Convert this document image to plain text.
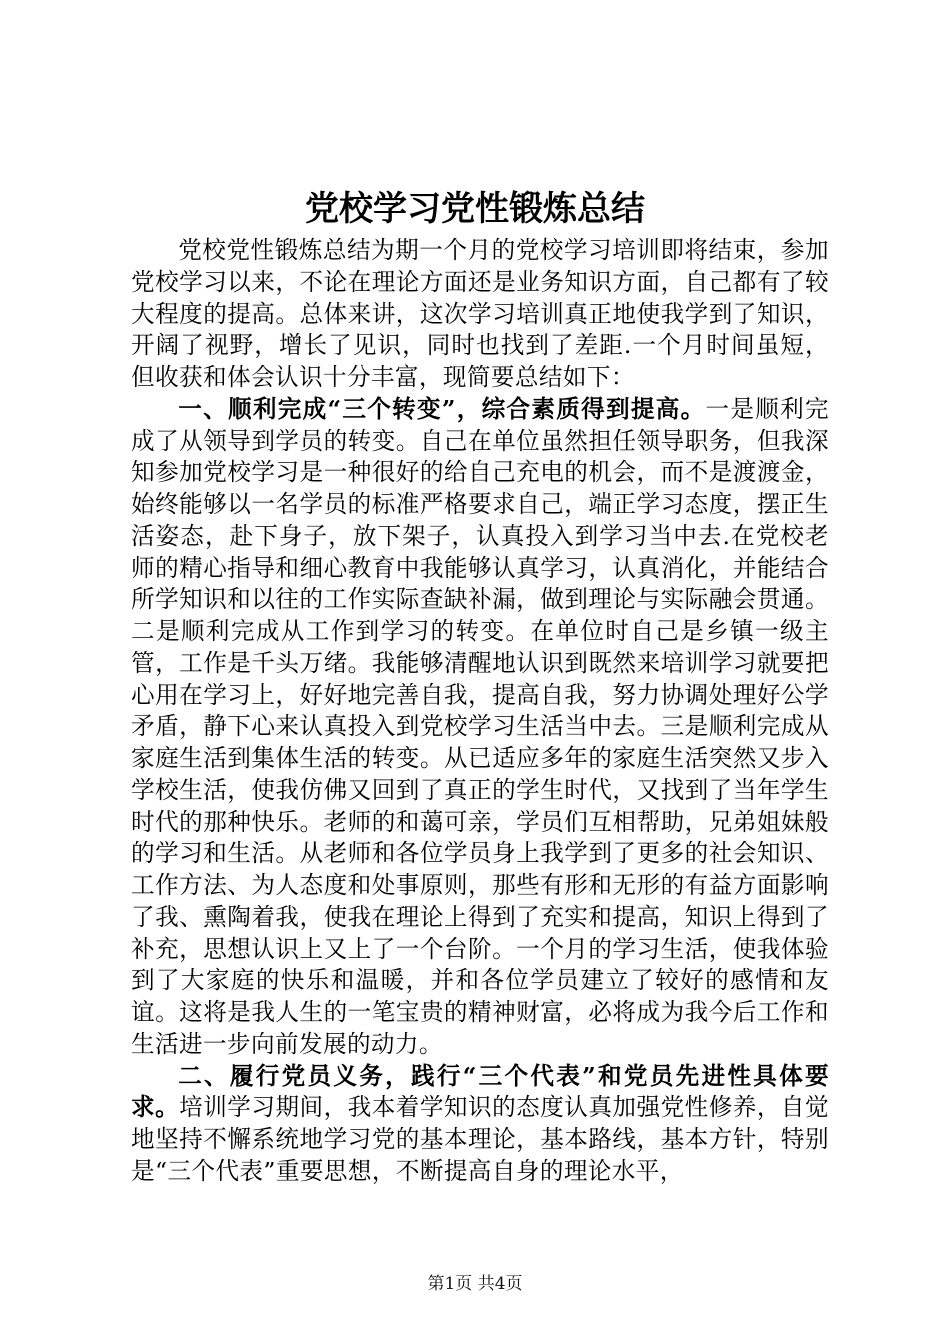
党校学习党性锻炼总结

党校党性锻炼总结为期一个月的党校学习培训即将结束，参加党校学习以来，不论在理论方面还是业务知识方面，自己都有了较大程度的提高。总体来讲，这次学习培训真正地使我学到了知识，开阔了视野，增长了见识，同时也找到了差距.一个月时间虽短，但收获和体会认识十分丰富，现简要总结如下：

一、顺利完成“三个转变”，综合素质得到提高。一是顺利完成了从领导到学员的转变。自己在单位虽然担任领导职务，但我深知参加党校学习是一种很好的给自己充电的机会，而不是渡渡金，始终能够以一名学员的标准严格要求自己，端正学习态度，摆正生活姿态，赴下身子，放下架子，认真投入到学习当中去.在党校老师的精心指导和细心教育中我能够认真学习，认真消化，并能结合所学知识和以往的工作实际查缺补漏，做到理论与实际融会贯通。二是顺利完成从工作到学习的转变。在单位时自己是乡镇一级主管，工作是千头万绪。我能够清醒地认识到既然来培训学习就要把心用在学习上，好好地完善自我，提高自我，努力协调处理好公学矛盾，静下心来认真投入到党校学习生活当中去。三是顺利完成从家庭生活到集体生活的转变。从已适应多年的家庭生活突然又步入学校生活，使我仿佛又回到了真正的学生时代，又找到了当年学生时代的那种快乐。老师的和蔼可亲，学员们互相帮助，兄弟姐妹般的学习和生活。从老师和各位学员身上我学到了更多的社会知识、工作方法、为人态度和处事原则，那些有形和无形的有益方面影响了我、熏陶着我，使我在理论上得到了充实和提高，知识上得到了补充，思想认识上又上了一个台阶。一个月的学习生活，使我体验到了大家庭的快乐和温暖，并和各位学员建立了较好的感情和友谊。这将是我人生的一笔宝贵的精神财富，必将成为我今后工作和生活进一步向前发展的动力。

二、履行党员义务，践行“三个代表”和党员先进性具体要求。培训学习期间，我本着学知识的态度认真加强党性修养，自觉地坚持不懈系统地学习党的基本理论，基本路线，基本方针，特别是“三个代表”重要思想，不断提高自身的理论水平，

第1页 共4页
